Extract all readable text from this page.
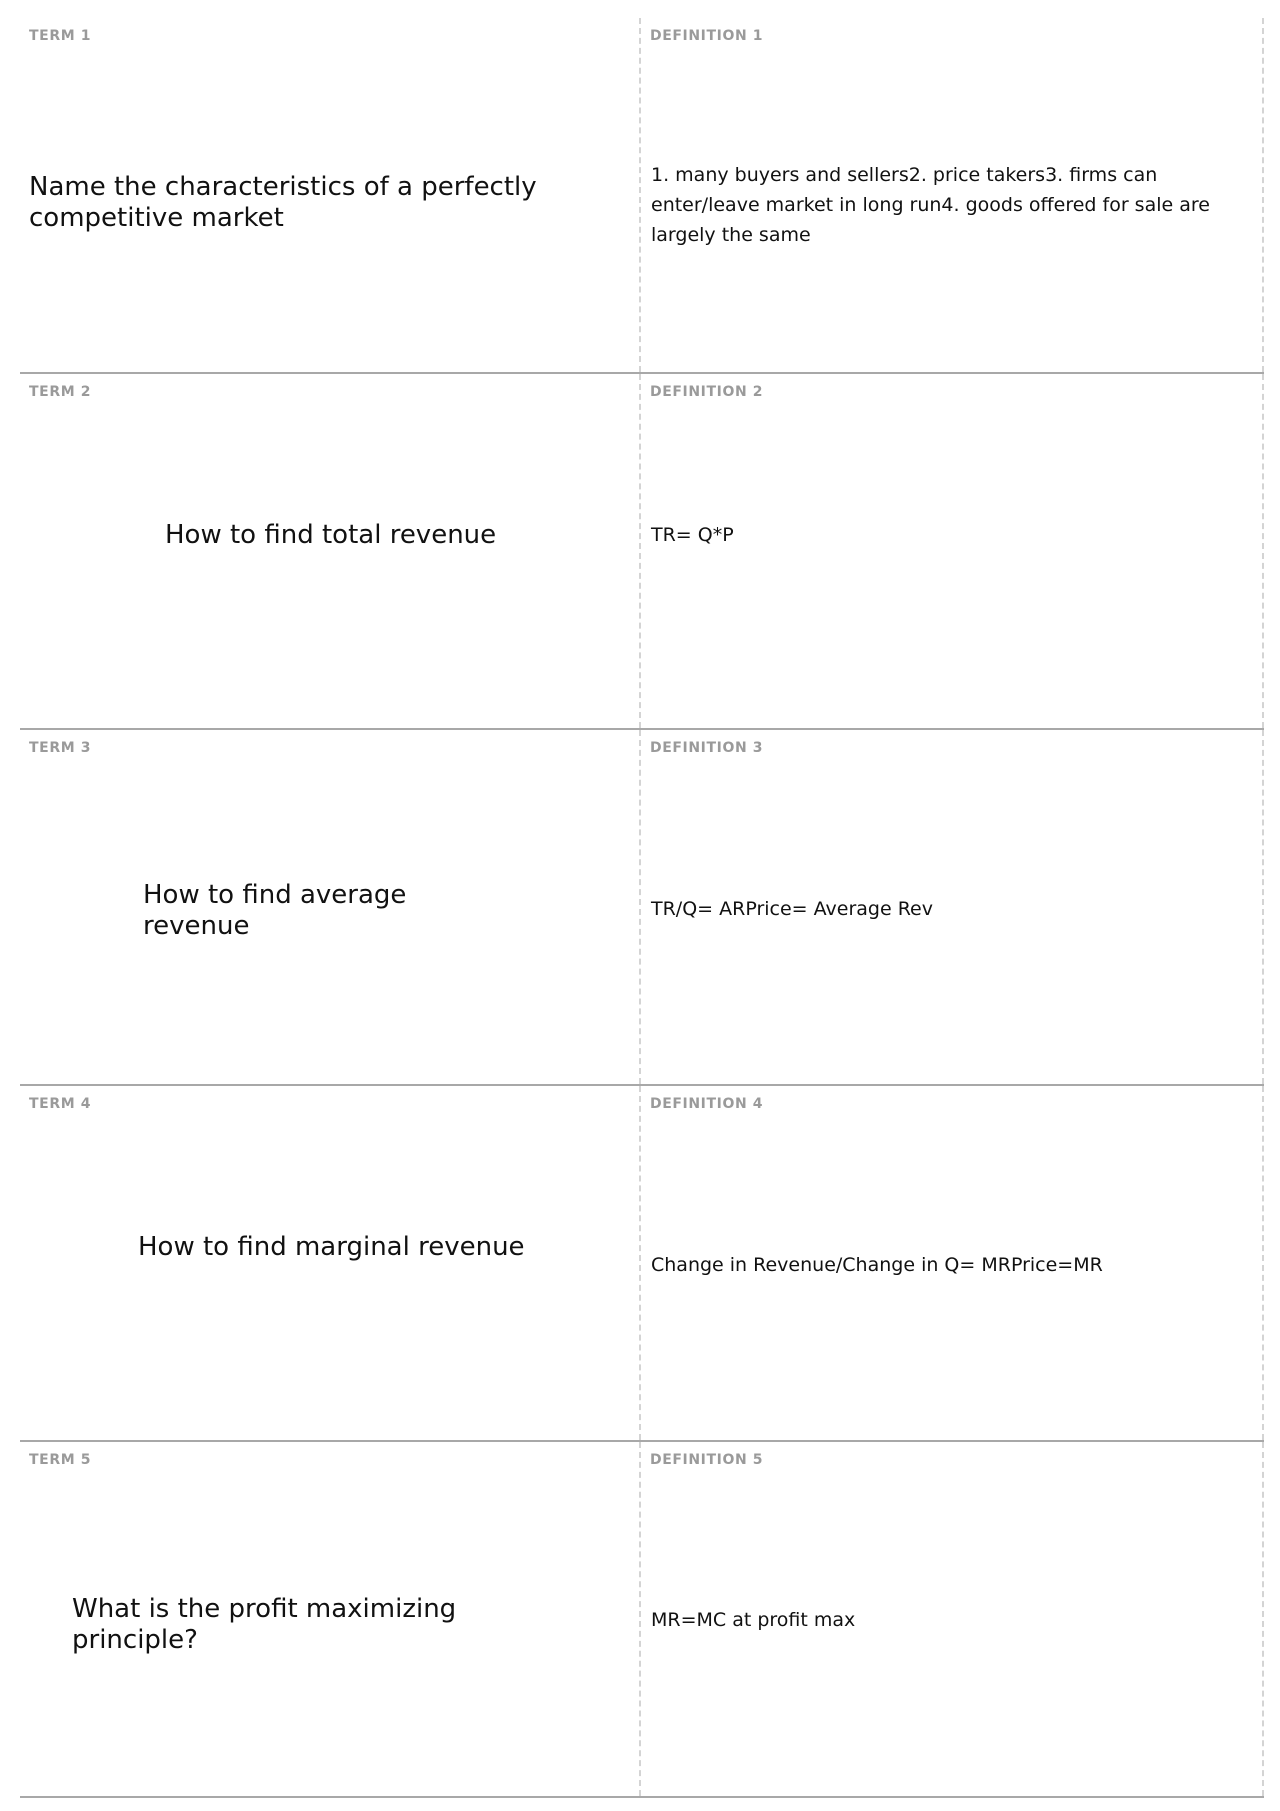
TERM 1
Name the characteristics of a perfectly competitive market
DEFINITION 1
1. many buyers and sellers2. price takers3. firms can enter/leave market in long run4. goods offered for sale are largely the same
TERM 2
How to find total revenue
DEFINITION 2
TR= Q*P
TERM 3
How to find average revenue
DEFINITION 3
TR/Q= ARPrice= Average Rev
TERM 4
How to find marginal revenue
DEFINITION 4
Change in Revenue/Change in Q= MRPrice=MR
TERM 5
What is the profit maximizing principle?
DEFINITION 5
MR=MC at profit max
